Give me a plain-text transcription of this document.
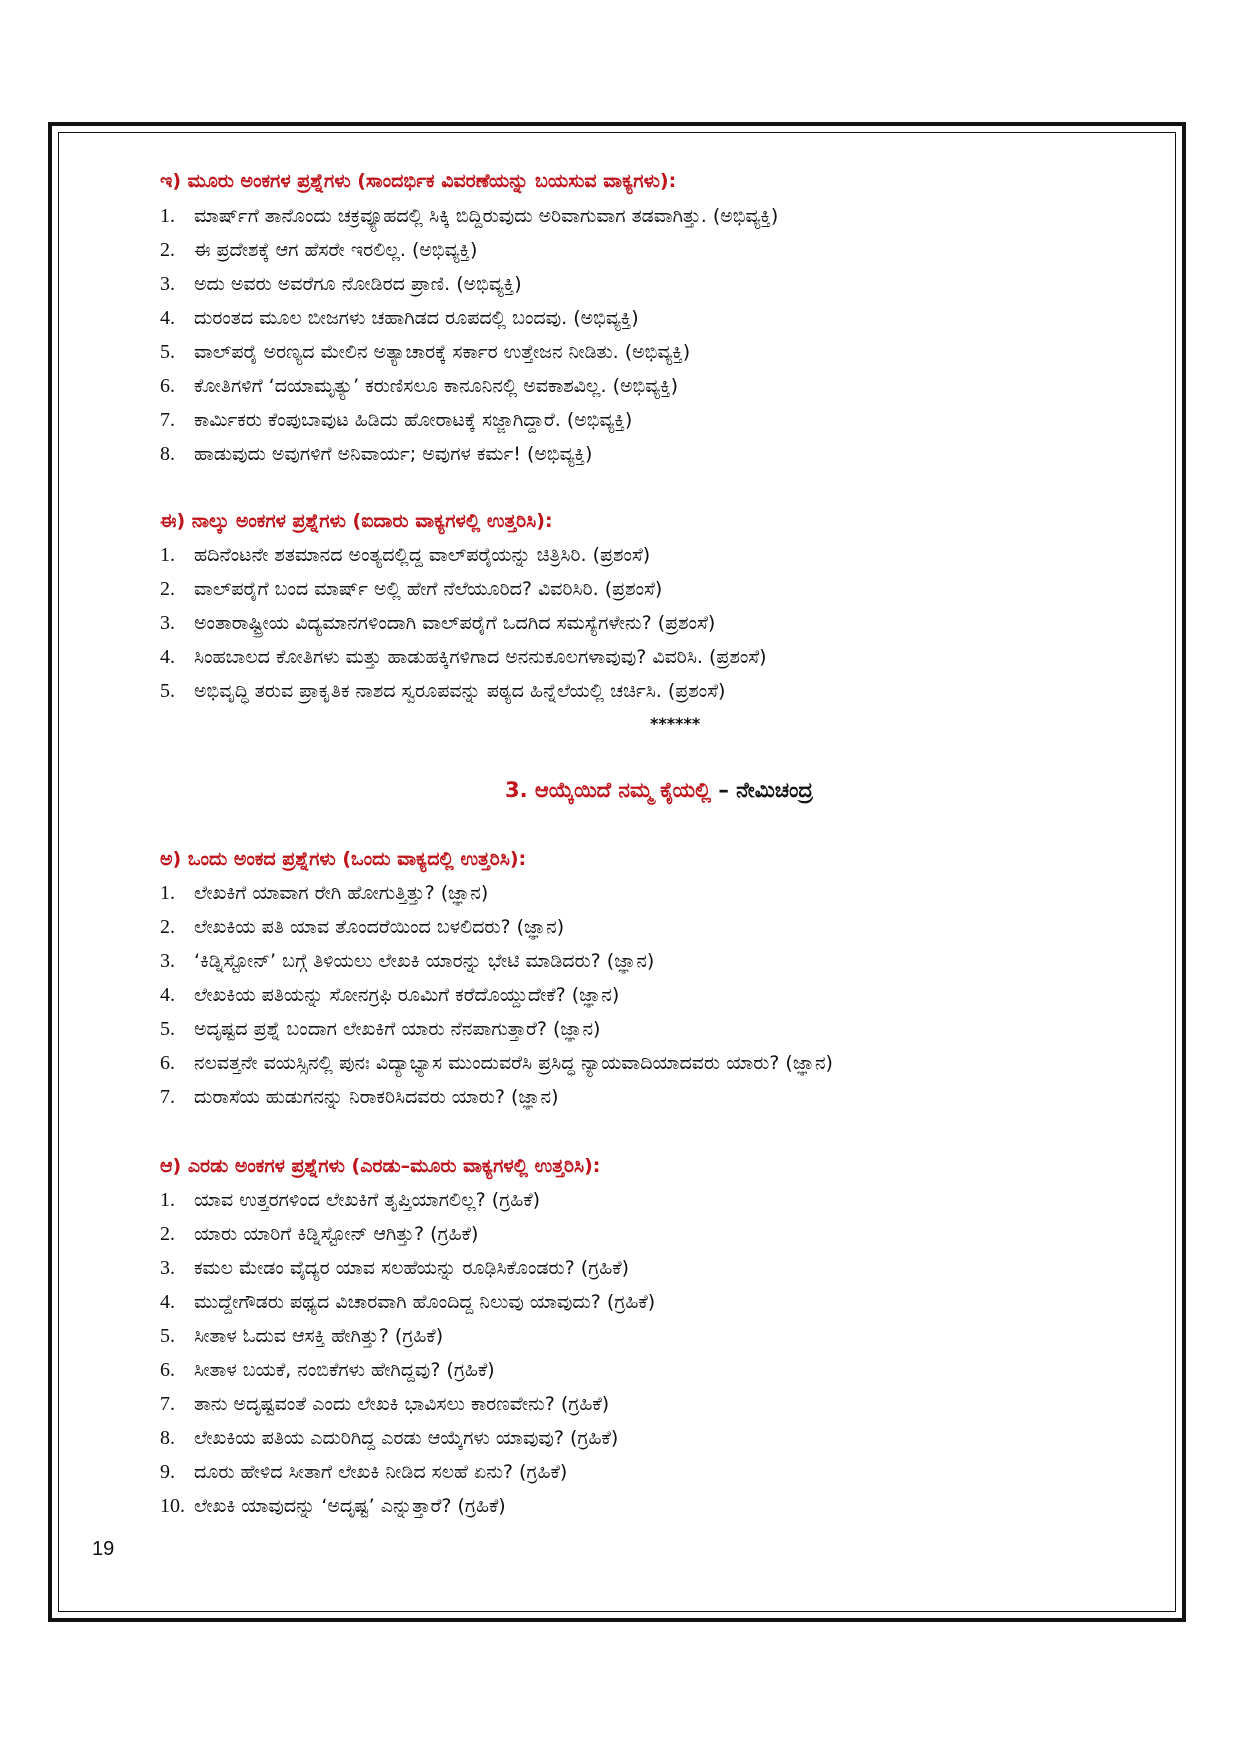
ಇ) ಮೂರು ಅಂಕಗಳ ಪ್ರಶ್ನೆಗಳು (ಸಾಂದರ್ಭಿಕ ವಿವರಣೆಯನ್ನು ಬಯಸುವ ವಾಕ್ಯಗಳು):
1. ಮಾರ್ಷ್‌ಗೆ ತಾನೊಂದು ಚಕ್ರವ್ಯೂಹದಲ್ಲಿ ಸಿಕ್ಕಿ ಬಿದ್ದಿರುವುದು ಅರಿವಾಗುವಾಗ ತಡವಾಗಿತ್ತು. (ಅಭಿವ್ಯಕ್ತಿ)
2. ಈ ಪ್ರದೇಶಕ್ಕೆ ಆಗ ಹೆಸರೇ ಇರಲಿಲ್ಲ. (ಅಭಿವ್ಯಕ್ತಿ)
3. ಅದು ಅವರು ಅವರೆಗೂ ನೋಡಿರದ ಪ್ರಾಣಿ. (ಅಭಿವ್ಯಕ್ತಿ)
4. ದುರಂತದ ಮೂಲ ಬೀಜಗಳು ಚಹಾಗಿಡದ ರೂಪದಲ್ಲಿ ಬಂದವು. (ಅಭಿವ್ಯಕ್ತಿ)
5. ವಾಲ್‌ಪರೈ ಅರಣ್ಯದ ಮೇಲಿನ ಅತ್ಯಾಚಾರಕ್ಕೆ ಸರ್ಕಾರ ಉತ್ತೇಜನ ನೀಡಿತು. (ಅಭಿವ್ಯಕ್ತಿ)
6. ಕೋತಿಗಳಿಗೆ ‘ದಯಾಮೃತ್ಯು’ ಕರುಣಿಸಲೂ ಕಾನೂನಿನಲ್ಲಿ ಅವಕಾಶವಿಲ್ಲ. (ಅಭಿವ್ಯಕ್ತಿ)
7. ಕಾರ್ಮಿಕರು ಕೆಂಪುಬಾವುಟ ಹಿಡಿದು ಹೋರಾಟಕ್ಕೆ ಸಜ್ಜಾಗಿದ್ದಾರೆ. (ಅಭಿವ್ಯಕ್ತಿ)
8. ಹಾಡುವುದು ಅವುಗಳಿಗೆ ಅನಿವಾರ್ಯ; ಅವುಗಳ ಕರ್ಮ! (ಅಭಿವ್ಯಕ್ತಿ)
ಈ) ನಾಲ್ಕು ಅಂಕಗಳ ಪ್ರಶ್ನೆಗಳು (ಐದಾರು ವಾಕ್ಯಗಳಲ್ಲಿ ಉತ್ತರಿಸಿ):
1. ಹದಿನೆಂಟನೇ ಶತಮಾನದ ಅಂತ್ಯದಲ್ಲಿದ್ದ ವಾಲ್‌ಪರೈಯನ್ನು ಚಿತ್ರಿಸಿರಿ. (ಪ್ರಶಂಸೆ)
2. ವಾಲ್‌ಪರೈಗೆ ಬಂದ ಮಾರ್ಷ್ ಅಲ್ಲಿ ಹೇಗೆ ನೆಲೆಯೂರಿದ? ವಿವರಿಸಿರಿ. (ಪ್ರಶಂಸೆ)
3. ಅಂತಾರಾಷ್ಟ್ರೀಯ ವಿದ್ಯಮಾನಗಳಿಂದಾಗಿ ವಾಲ್‌ಪರೈಗೆ ಒದಗಿದ ಸಮಸ್ಯೆಗಳೇನು? (ಪ್ರಶಂಸೆ)
4. ಸಿಂಹಬಾಲದ ಕೋತಿಗಳು ಮತ್ತು ಹಾಡುಹಕ್ಕಿಗಳಿಗಾದ ಅನನುಕೂಲಗಳಾವುವು? ವಿವರಿಸಿ. (ಪ್ರಶಂಸೆ)
5. ಅಭಿವೃದ್ಧಿ ತರುವ ಪ್ರಾಕೃತಿಕ ನಾಶದ ಸ್ವರೂಪವನ್ನು ಪಠ್ಯದ ಹಿನ್ನೆಲೆಯಲ್ಲಿ ಚರ್ಚಿಸಿ. (ಪ್ರಶಂಸೆ)
******
3. ಆಯ್ಕೆಯಿದೆ ನಮ್ಮ ಕೈಯಲ್ಲಿ – ನೇಮಿಚಂದ್ರ
ಅ) ಒಂದು ಅಂಕದ ಪ್ರಶ್ನೆಗಳು (ಒಂದು ವಾಕ್ಯದಲ್ಲಿ ಉತ್ತರಿಸಿ):
1. ಲೇಖಕಿಗೆ ಯಾವಾಗ ರೇಗಿ ಹೋಗುತ್ತಿತ್ತು? (ಜ್ಞಾನ)
2. ಲೇಖಕಿಯ ಪತಿ ಯಾವ ತೊಂದರೆಯಿಂದ ಬಳಲಿದರು? (ಜ್ಞಾನ)
3. ‘ಕಿಡ್ನಿಸ್ಟೋನ್’ ಬಗ್ಗೆ ತಿಳಿಯಲು ಲೇಖಕಿ ಯಾರನ್ನು ಭೇಟಿ ಮಾಡಿದರು? (ಜ್ಞಾನ)
4. ಲೇಖಕಿಯ ಪತಿಯನ್ನು ಸೋನಗ್ರಫಿ ರೂಮಿಗೆ ಕರೆದೊಯ್ದುದೇಕೆ? (ಜ್ಞಾನ)
5. ಅದೃಷ್ಟದ ಪ್ರಶ್ನೆ ಬಂದಾಗ ಲೇಖಕಿಗೆ ಯಾರು ನೆನಪಾಗುತ್ತಾರೆ? (ಜ್ಞಾನ)
6. ನಲವತ್ತನೇ ವಯಸ್ಸಿನಲ್ಲಿ ಪುನಃ ವಿದ್ಯಾಭ್ಯಾಸ ಮುಂದುವರೆಸಿ ಪ್ರಸಿದ್ಧ ನ್ಯಾಯವಾದಿಯಾದವರು ಯಾರು? (ಜ್ಞಾನ)
7. ದುರಾಸೆಯ ಹುಡುಗನನ್ನು ನಿರಾಕರಿಸಿದವರು ಯಾರು? (ಜ್ಞಾನ)
ಆ) ಎರಡು ಅಂಕಗಳ ಪ್ರಶ್ನೆಗಳು (ಎರಡು–ಮೂರು ವಾಕ್ಯಗಳಲ್ಲಿ ಉತ್ತರಿಸಿ):
1. ಯಾವ ಉತ್ತರಗಳಿಂದ ಲೇಖಕಿಗೆ ತೃಪ್ತಿಯಾಗಲಿಲ್ಲ? (ಗ್ರಹಿಕೆ)
2. ಯಾರು ಯಾರಿಗೆ ಕಿಡ್ನಿಸ್ಟೋನ್ ಆಗಿತ್ತು? (ಗ್ರಹಿಕೆ)
3. ಕಮಲ ಮೇಡಂ ವೈದ್ಯರ ಯಾವ ಸಲಹೆಯನ್ನು ರೂಢಿಸಿಕೊಂಡರು? (ಗ್ರಹಿಕೆ)
4. ಮುದ್ದೇಗೌಡರು ಪಥ್ಯದ ವಿಚಾರವಾಗಿ ಹೊಂದಿದ್ದ ನಿಲುವು ಯಾವುದು? (ಗ್ರಹಿಕೆ)
5. ಸೀತಾಳ ಓದುವ ಆಸಕ್ತಿ ಹೇಗಿತ್ತು? (ಗ್ರಹಿಕೆ)
6. ಸೀತಾಳ ಬಯಕೆ, ನಂಬಿಕೆಗಳು ಹೇಗಿದ್ದವು? (ಗ್ರಹಿಕೆ)
7. ತಾನು ಅದೃಷ್ಟವಂತೆ ಎಂದು ಲೇಖಕಿ ಭಾವಿಸಲು ಕಾರಣವೇನು? (ಗ್ರಹಿಕೆ)
8. ಲೇಖಕಿಯ ಪತಿಯ ಎದುರಿಗಿದ್ದ ಎರಡು ಆಯ್ಕೆಗಳು ಯಾವುವು? (ಗ್ರಹಿಕೆ)
9. ದೂರು ಹೇಳಿದ ಸೀತಾಗೆ ಲೇಖಕಿ ನೀಡಿದ ಸಲಹೆ ಏನು? (ಗ್ರಹಿಕೆ)
10. ಲೇಖಕಿ ಯಾವುದನ್ನು ‘ಅದೃಷ್ಟ’ ಎನ್ನುತ್ತಾರೆ? (ಗ್ರಹಿಕೆ)
19
